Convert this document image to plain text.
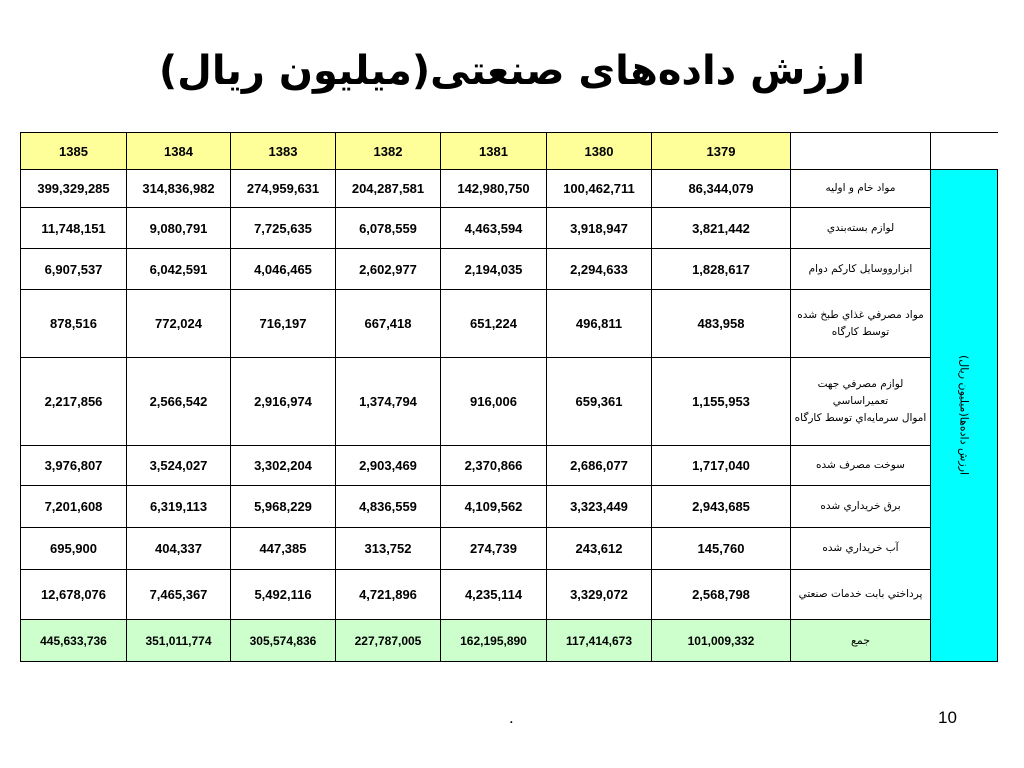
ارزش داده‌های صنعتی(میلیون ریال)
1385	1384	1383	1382	1381	1380	1379		
399,329,285	314,836,982	274,959,631	204,287,581	142,980,750	100,462,711	86,344,079	مواد خام و اوليه	ارزش داده‌ها(میلیون ریال)

11,748,151	9,080,791	7,725,635	6,078,559	4,463,594	3,918,947	3,821,442	لوازم بسته‌بندي	
6,907,537	6,042,591	4,046,465	2,602,977	2,194,035	2,294,633	1,828,617	ابزاروو‌سايل كاركم دوام	
878,516	772,024	716,197	667,418	651,224	496,811	483,958	مواد مصرفي غذاي طبخ شده
توسط كارگاه	
2,217,856	2,566,542	2,916,974	1,374,794	916,006	659,361	1,155,953	لوازم مصرفي جهت تعميراساسي
اموال سرمايه‌اي توسط كارگاه	
3,976,807	3,524,027	3,302,204	2,903,469	2,370,866	2,686,077	1,717,040	سوخت مصرف شده	
7,201,608	6,319,113	5,968,229	4,836,559	4,109,562	3,323,449	2,943,685	برق خريداري شده	
695,900	404,337	447,385	313,752	274,739	243,612	145,760	آب خريداري شده	
12,678,076	7,465,367	5,492,116	4,721,896	4,235,114	3,329,072	2,568,798	پرداختي بابت خدمات صنعتي	
445,633,736	351,011,774	305,574,836	227,787,005	162,195,890	117,414,673	101,009,332	جمع	
.	10
